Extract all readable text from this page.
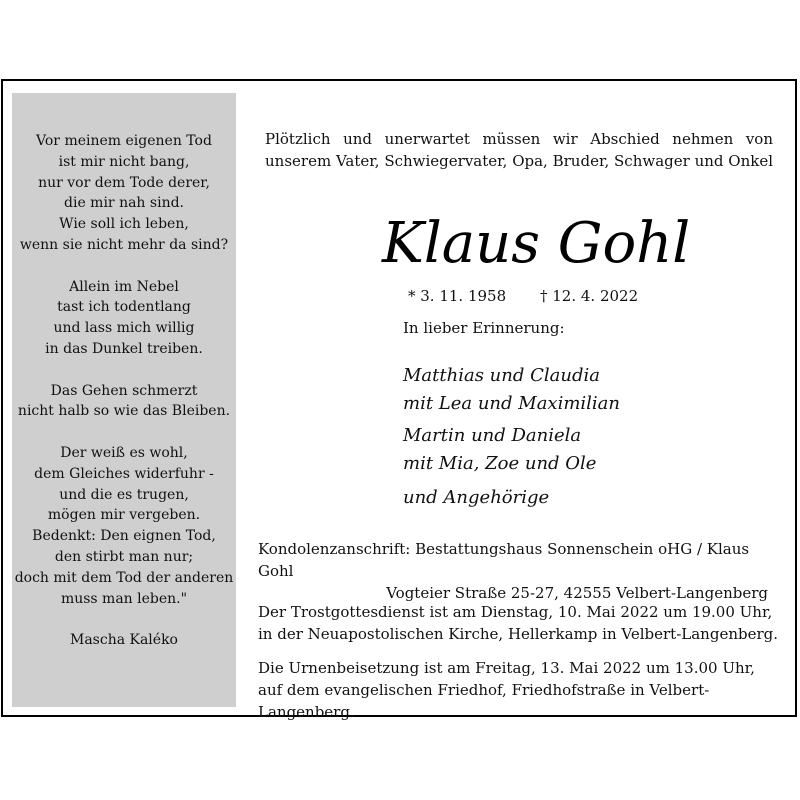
Vor meinem eigenen Tod
ist mir nicht bang,
nur vor dem Tode derer,
die mir nah sind.
Wie soll ich leben,
wenn sie nicht mehr da sind?
Allein im Nebel
tast ich todentlang
und lass mich willig
in das Dunkel treiben.
Das Gehen schmerzt
nicht halb so wie das Bleiben.
Der weiß es wohl,
dem Gleiches widerfuhr -
und die es trugen,
mögen mir vergeben.
Bedenkt: Den eignen Tod,
den stirbt man nur;
doch mit dem Tod der anderen
muss man leben."
Mascha Kaléko
Plötzlich und unerwartet müssen wir Abschied nehmen von
unserem Vater, Schwiegervater, Opa, Bruder, Schwager und Onkel
Klaus Gohl
* 3. 11. 1958 † 12. 4. 2022
In lieber Erinnerung:
Matthias und Claudia
mit Lea und Maximilian
Martin und Daniela
mit Mia, Zoe und Ole
und Angehörige
Kondolenzanschrift: Bestattungshaus Sonnenschein oHG / Klaus Gohl
Vogteier Straße 25-27, 42555 Velbert-Langenberg
Der Trostgottesdienst ist am Dienstag, 10. Mai 2022 um 19.00 Uhr, in der Neuapostolischen Kirche, Hellerkamp in Velbert-Langenberg.
Die Urnenbeisetzung ist am Freitag, 13. Mai 2022 um 13.00 Uhr, auf dem evangelischen Friedhof, Friedhofstraße in Velbert-Langenberg.
